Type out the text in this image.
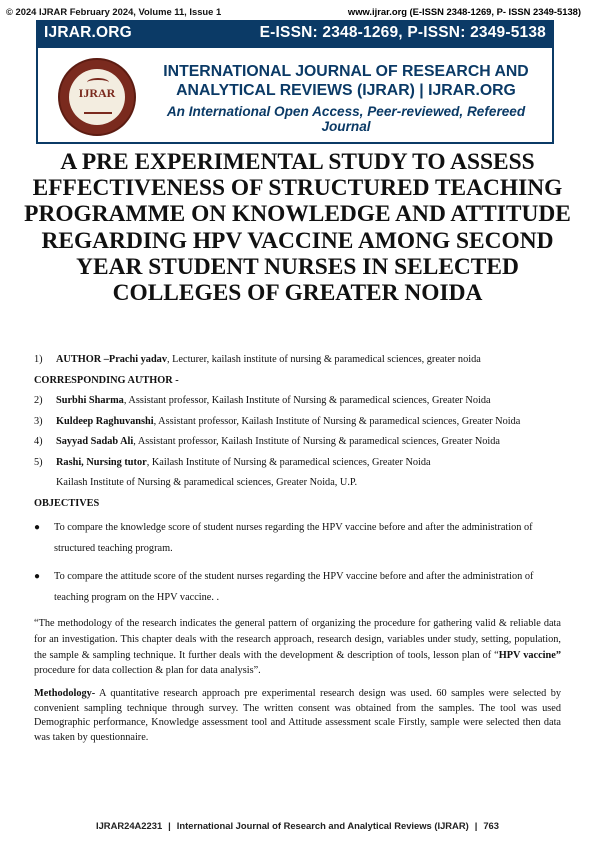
© 2024 IJRAR February 2024, Volume 11, Issue 1	www.ijrar.org (E-ISSN 2348-1269, P- ISSN 2349-5138)
IJRAR.ORG	E-ISSN: 2348-1269, P-ISSN: 2349-5138
IJRAR
INTERNATIONAL JOURNAL OF RESEARCH AND
ANALYTICAL REVIEWS (IJRAR) | IJRAR.ORG
An International Open Access, Peer-reviewed, Refereed Journal
A PRE EXPERIMENTAL STUDY TO ASSESS EFFECTIVENESS OF STRUCTURED TEACHING PROGRAMME ON KNOWLEDGE AND ATTITUDE REGARDING HPV VACCINE AMONG SECOND YEAR STUDENT NURSES IN SELECTED COLLEGES OF GREATER NOIDA
1)	AUTHOR –Prachi yadav, Lecturer, kailash institute of nursing & paramedical sciences, greater noida
CORRESPONDING AUTHOR -
2)	Surbhi Sharma, Assistant professor, Kailash Institute of Nursing & paramedical sciences, Greater Noida
3)	Kuldeep Raghuvanshi, Assistant professor, Kailash Institute of Nursing & paramedical sciences, Greater Noida
4)	Sayyad Sadab Ali, Assistant professor, Kailash Institute of Nursing & paramedical sciences, Greater Noida
5)	Rashi, Nursing tutor, Kailash Institute of Nursing & paramedical sciences, Greater Noida
Kailash Institute of Nursing & paramedical sciences, Greater Noida, U.P.
OBJECTIVES
●	To compare the knowledge score of student nurses regarding the HPV vaccine before and after the administration of structured teaching program.
●	To compare the attitude score of the student nurses regarding the HPV vaccine before and after the administration of teaching program on the HPV vaccine. .
“The methodology of the research indicates the general pattern of organizing the procedure for gathering valid & reliable data for an investigation. This chapter deals with the research approach, research design, variables under study, setting, population, the sample & sampling technique. It further deals with the development & description of tools, lesson plan of “HPV vaccine” procedure for data collection & plan for data analysis”.
Methodology- A quantitative research approach pre experimental research design was used. 60 samples were selected by convenient sampling technique through survey. The written consent was obtained from the samples. The tool was used Demographic performance, Knowledge assessment tool and Attitude assessment scale Firstly, sample were selected then data was taken by questionnaire.
IJRAR24A2231 | International Journal of Research and Analytical Reviews (IJRAR) | 763
